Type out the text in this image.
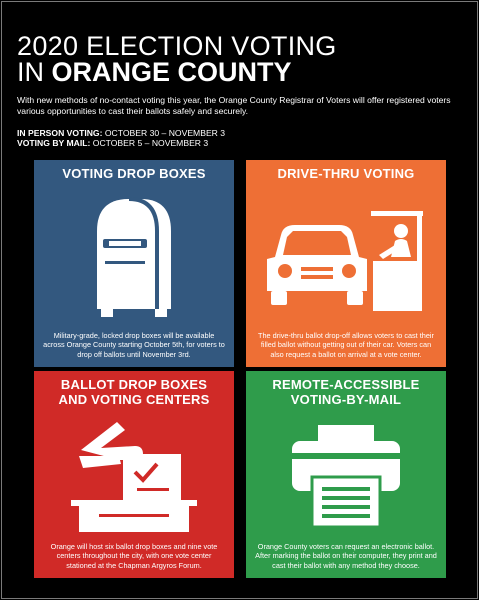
2020 ELECTION VOTING
IN ORANGE COUNTY
With new methods of no-contact voting this year, the Orange County Registrar of Voters will offer registered voters various opportunities to cast their ballots safely and securely.
IN PERSON VOTING: OCTOBER 30 – NOVEMBER 3
VOTING BY MAIL: OCTOBER 5 – NOVEMBER 3
VOTING DROP BOXES
Military-grade, locked drop boxes will be available across Orange County starting October 5th, for voters to drop off ballots until November 3rd.
DRIVE-THRU VOTING
The drive-thru ballot drop-off allows voters to cast their filled ballot without getting out of their car. Voters can also request a ballot on arrival at a vote center.
BALLOT DROP BOXES
AND VOTING CENTERS
Orange will host six ballot drop boxes and nine vote centers throughout the city, with one vote center stationed at the Chapman Argyros Forum.
REMOTE-ACCESSIBLE
VOTING-BY-MAIL
Orange County voters can request an electronic ballot. After marking the ballot on their computer, they print and cast their ballot with any method they choose.
